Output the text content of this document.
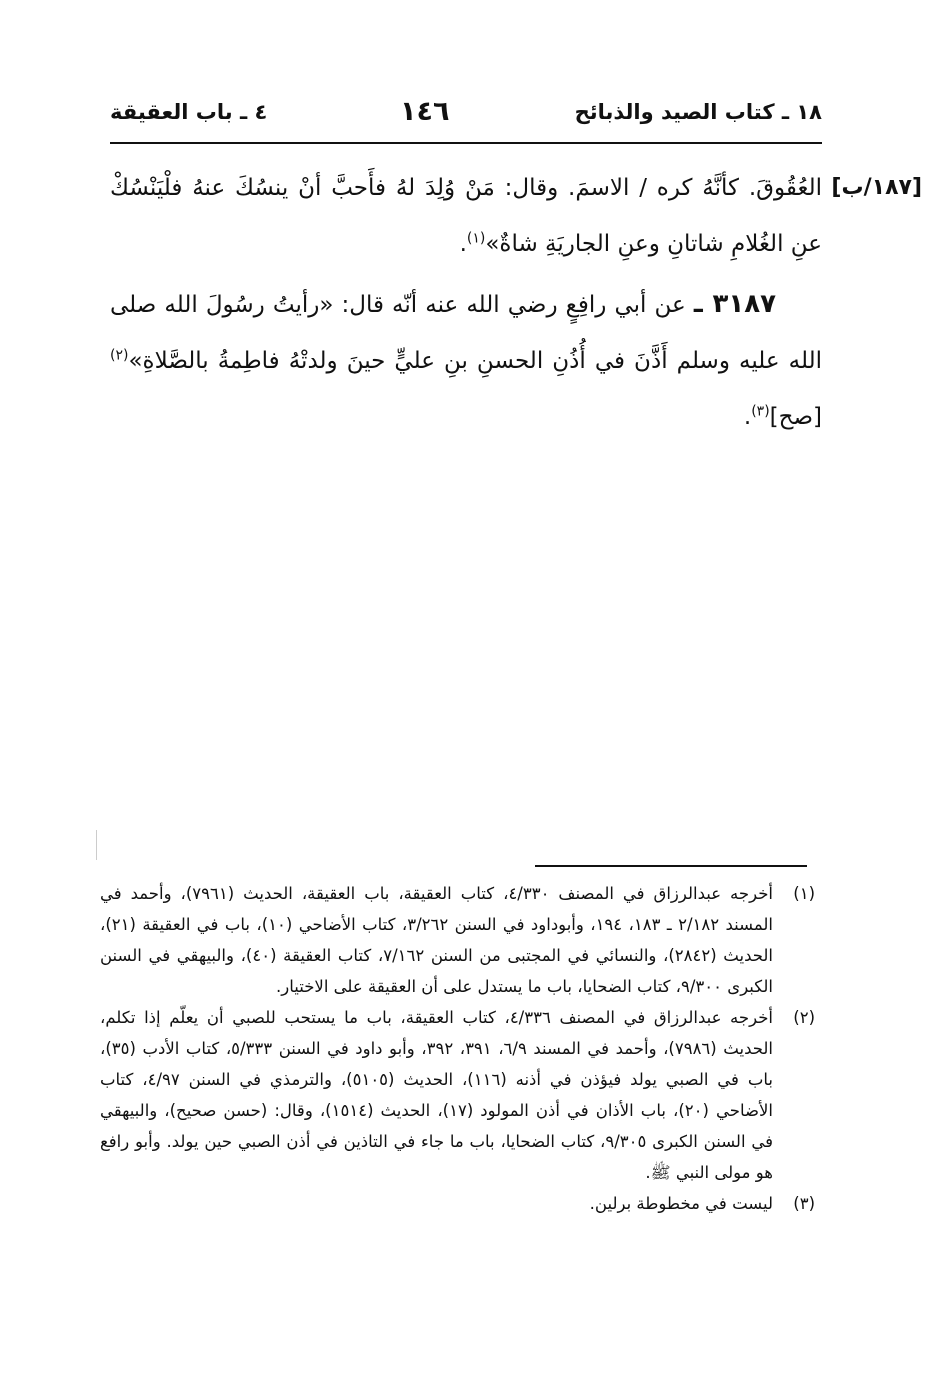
١٨ ـ كتاب الصيد والذبائح
١٤٦
٤ ـ باب العقيقة
[١٨٧/ب]

العُقُوقَ. كأنَّهُ كره / الاسمَ. وقال: مَنْ وُلِدَ لهُ فأَحبَّ أنْ ينسُكَ عنهُ فلْيَنْسُكْ عنِ الغُلامِ شاتانِ وعنِ الجاريَةِ شاةٌ»$^{(١)}$.

  ٣١٨٧ ـ عن أبي رافِعٍ رضي الله عنه أنّه قال: «رأيتُ رسُولَ الله صلى الله عليه وسلم أَذَّنَ في أُذُنِ الحسنِ بنِ عليٍّ حينَ ولدتْهُ فاطِمةُ بالصَّلاةِ»$^{(٢)}$ [صح]$^{(٣)}$.

(١)
أخرجه عبدالرزاق في المصنف ٤/٣٣٠، كتاب العقيقة، باب العقيقة، الحديث (٧٩٦١)، وأحمد في المسند ٢/١٨٢ ـ ١٨٣، ١٩٤، وأبوداود في السنن ٣/٢٦٢، كتاب الأضاحي (١٠)، باب في العقيقة (٢١)، الحديث (٢٨٤٢)، والنسائي في المجتبى من السنن ٧/١٦٢، كتاب العقيقة (٤٠)، والبيهقي في السنن الكبرى ٩/٣٠٠، كتاب الضحايا، باب ما يستدل على أن العقيقة على الاختيار.

(٢)
أخرجه عبدالرزاق في المصنف ٤/٣٣٦، كتاب العقيقة، باب ما يستحب للصبي أن يعلّم إذا تكلم، الحديث (٧٩٨٦)، وأحمد في المسند ٦/٩، ٣٩١، ٣٩٢، وأبو داود في السنن ٥/٣٣٣، كتاب الأدب (٣٥)، باب في الصبي يولد فيؤذن في أذنه (١١٦)، الحديث (٥١٠٥)، والترمذي في السنن ٤/٩٧، كتاب الأضاحي (٢٠)، باب الأذان في أذن المولود (١٧)، الحديث (١٥١٤)، وقال: (حسن صحيح)، والبيهقي في السنن الكبرى ٩/٣٠٥، كتاب الضحايا، باب ما جاء في التاذين في أذن الصبي حين يولد. وأبو رافع هو مولى النبي ﷺ.

(٣)
ليست في مخطوطة برلين.
